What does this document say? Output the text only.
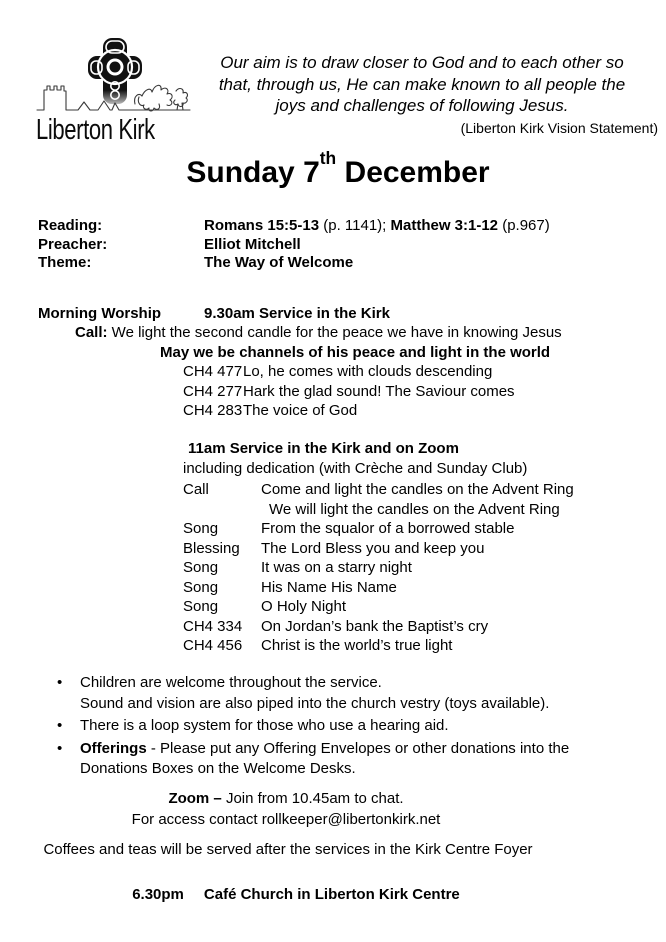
Liberton Kirk
Our aim is to draw closer to God and to each other so
that, through us, He can make known to all people the
joys and challenges of following Jesus.
(Liberton Kirk Vision Statement)
Sunday 7th December
Reading:	Romans 15:5-13 (p. 1141); Matthew 3:1-12 (p.967)
Preacher:	Elliot Mitchell
Theme:	The Way of Welcome
Morning Worship	9.30am Service in the Kirk
Call: We light the second candle for the peace we have in knowing Jesus
May we be channels of his peace and light in the world
CH4 477 Lo, he comes with clouds descending
CH4 277 Hark the glad sound! The Saviour comes
CH4 283 The voice of God
11am Service in the Kirk and on Zoom
including dedication (with Crèche and Sunday Club)
Call	Come and light the candles on the Advent Ring
We will light the candles on the Advent Ring
Song	From the squalor of a borrowed stable
Blessing	The Lord Bless you and keep you
Song	It was on a starry night
Song	His Name His Name
Song	O Holy Night
CH4 334	On Jordan’s bank the Baptist’s cry
CH4 456	Christ is the world’s true light
•
Children are welcome throughout the service.
Sound and vision are also piped into the church vestry (toys available).
•
There is a loop system for those who use a hearing aid.
•
Offerings - Please put any Offering Envelopes or other donations into the Donations Boxes on the Welcome Desks.
Zoom – Join from 10.45am to chat.
For access contact rollkeeper@libertonkirk.net
Coffees and teas will be served after the services in the Kirk Centre Foyer
6.30pm Café Church in Liberton Kirk Centre
